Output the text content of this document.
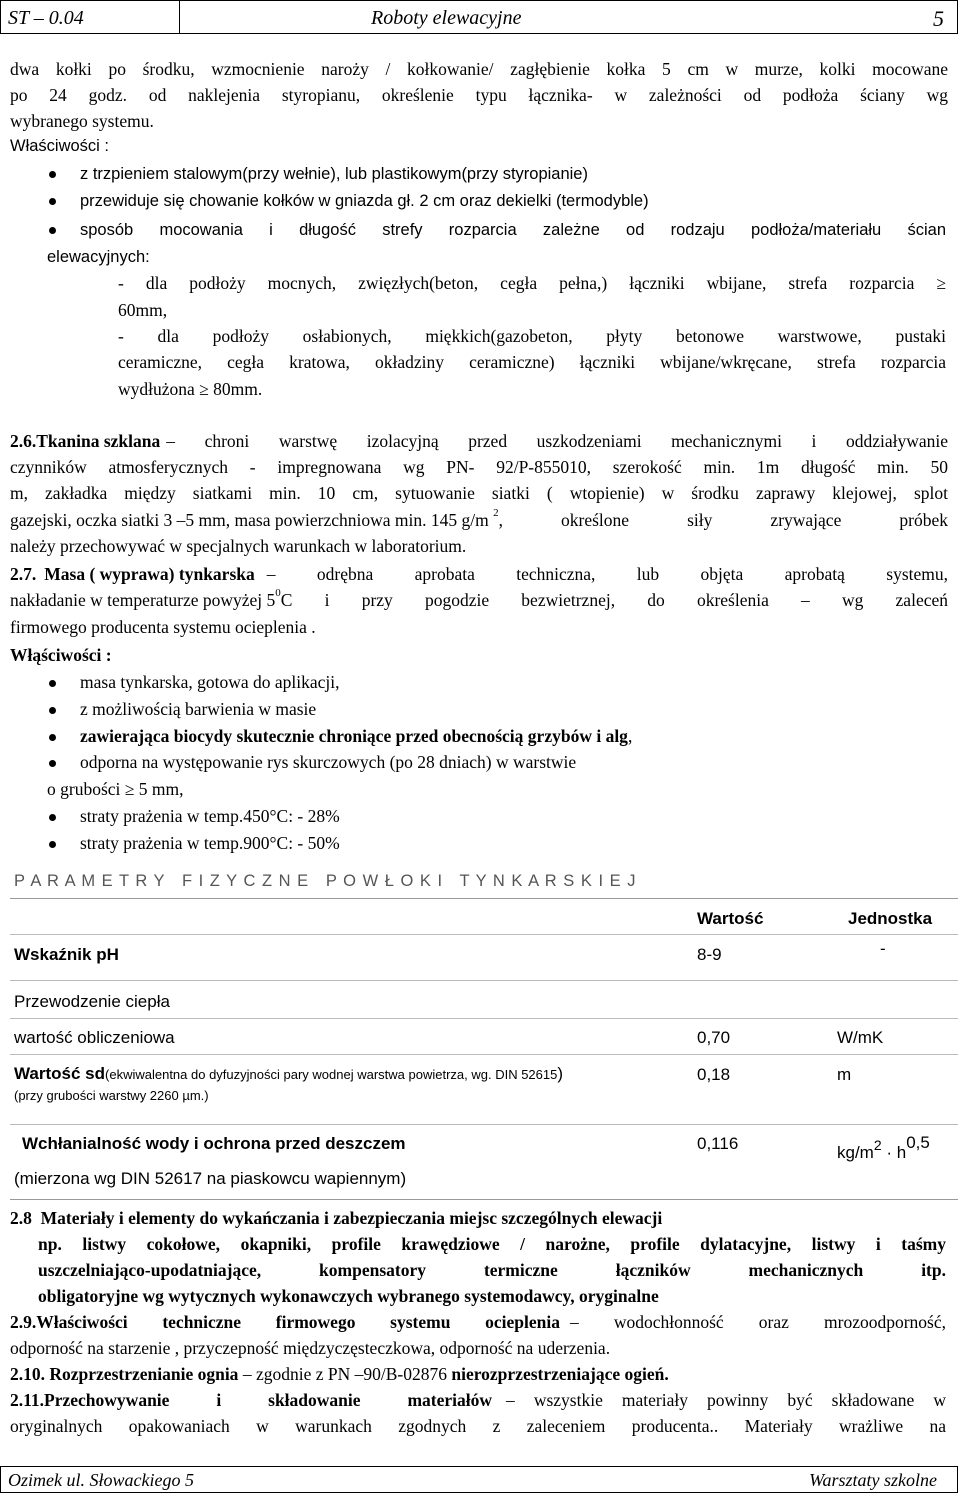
ST – 0.04	Roboty elewacyjne	5
dwa kołki po środku, wzmocnienie naroży / kołkowanie/ zagłębienie kołka 5 cm w murze, kolki mocowane
po 24 godz. od naklejenia styropianu, określenie typu łącznika- w zależności od podłoża ściany wg
wybranego systemu.
Właściwości :
z trzpieniem stalowym(przy wełnie), lub plastikowym(przy styropianie)
przewiduje się chowanie kołków w gniazda gł. 2 cm oraz dekielki (termodyble)
sposób mocowania i długość strefy rozparcia zależne od rodzaju podłoża/materiału ścian
elewacyjnych:
- dla podłoży mocnych, zwięzłych(beton, cegła pełna,) łączniki wbijane, strefa rozparcia ≥
60mm,
- dla podłoży osłabionych, miękkich(gazobeton, płyty betonowe warstwowe, pustaki
ceramiczne, cegła kratowa, okładziny ceramiczne) łączniki wbijane/wkręcane, strefa rozparcia
wydłużona ≥ 80mm.
2.6. Tkanina szklana – chroni warstwę izolacyjną przed uszkodzeniami mechanicznymi i oddziaływanie
czynników atmosferycznych - impregnowana wg PN- 92/P-855010, szerokość min. 1m długość min. 50
m, zakładka między siatkami min. 10 cm, sytuowanie siatki ( wtopienie) w środku zaprawy klejowej, splot
gazejski, oczka siatki 3 –5 mm, masa powierzchniowa min. 145 g/m 2 , określone siły zrywające próbek
należy przechowywać w specjalnych warunkach w laboratorium.
2.7. Masa ( wyprawa) tynkarska – odrębna aprobata techniczna, lub objęta aprobatą systemu,
nakładanie w temperaturze powyżej 5 0 C i przy pogodzie bezwietrznej, do określenia – wg zaleceń
firmowego producenta systemu ocieplenia .
Włąściwości :
masa tynkarska, gotowa do aplikacji,
z możliwością barwienia w masie
zawierająca biocydy skutecznie chroniące przed obecnością grzybów i alg,
odporna na występowanie rys skurczowych (po 28 dniach) w warstwie
o grubości ≥ 5 mm,
straty prażenia w temp.450°C: - 28%
straty prażenia w temp.900°C: - 50%
P A R A M E T R Y   F I Z Y C Z N E   P O W Ł O K I   T Y N K A R S K I E J
Wartość	Jednostka
Wskaźnik pH	8-9	-
Przewodzenie ciepła
wartość obliczeniowa	0,70	W/mK
Wartość sd(ekwiwalentna do dyfuzyjności pary wodnej warstwa powietrza, wg. DIN 52615)
(przy grubości warstwy 2260 µm.)
0,18	m
Wchłanialność wody i ochrona przed deszczem
(mierzona wg DIN 52617 na piaskowcu wapiennym)
0,116	kg/m2 · h0,5
2.8 Materiały i elementy do wykańczania i zabezpieczania miejsc szczególnych elewacji
np. listwy cokołowe, okapniki, profile krawędziowe / narożne, profile dylatacyjne, listwy i taśmy
uszczelniająco-upodatniające, kompensatory termiczne łączników mechanicznych itp.
obligatoryjne wg wytycznych wykonawczych wybranego systemodawcy, oryginalne
2.9. Właściwości techniczne firmowego systemu ocieplenia – wodochłonność oraz mrozoodporność,
odporność na starzenie , przyczepność międzyczęsteczkowa, odporność na uderzenia.
2.10. Rozprzestrzenianie ognia – zgodnie z PN –90/B-02876 nierozprzestrzeniające ogień.
2.11. Przechowywanie i składowanie materiałów – wszystkie materiały powinny być składowane w
oryginalnych opakowaniach w warunkach zgodnych z zaleceniem producenta.. Materiały wrażliwe na
Ozimek ul. Słowackiego 5	Warsztaty szkolne
